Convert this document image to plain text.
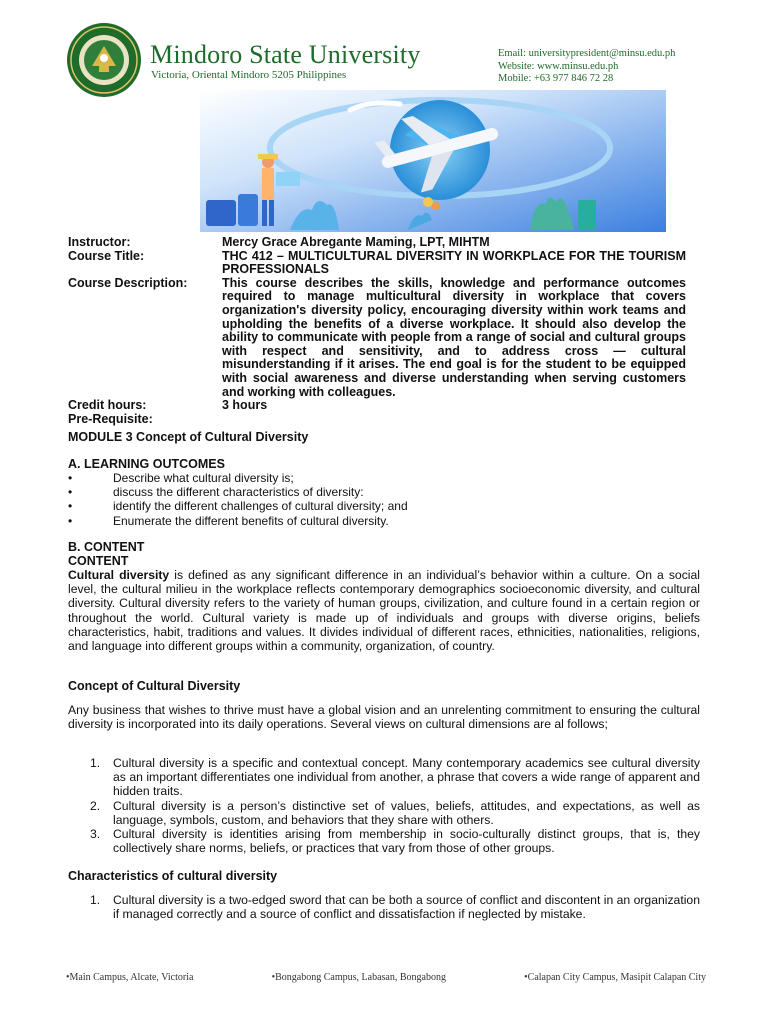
Mindoro State University
Victoria, Oriental Mindoro 5205 Philippines
Email: universitypresident@minsu.edu.ph
Website: www.minsu.edu.ph
Mobile: +63 977 846 72 28
Instructor:	Mercy Grace Abregante Maming, LPT, MIHTM
Course Title:	THC 412 – MULTICULTURAL DIVERSITY IN WORKPLACE FOR THE TOURISM PROFESSIONALS
Course Description:	This course describes the skills, knowledge and performance outcomes required to manage multicultural diversity in workplace that covers organization's diversity policy, encouraging diversity within work teams and upholding the benefits of a diverse workplace. It should also develop the ability to communicate with people from a range of social and cultural groups with respect and sensitivity, and to address cross — cultural misunderstanding if it arises. The end goal is for the student to be equipped with social awareness and diverse understanding when serving customers and working with colleagues.
Credit hours:	3 hours
Pre-Requisite:
MODULE 3 Concept of Cultural Diversity
A. LEARNING OUTCOMES
•	Describe what cultural diversity is;
•	discuss the different characteristics of diversity:
•	identify the different challenges of cultural diversity; and
•	Enumerate the different benefits of cultural diversity.
B. CONTENT
CONTENT
Cultural diversity is defined as any significant difference in an individual’s behavior within a culture. On a social level, the cultural milieu in the workplace reflects contemporary demographics socioeconomic diversity, and cultural diversity. Cultural diversity refers to the variety of human groups, civilization, and culture found in a certain region or throughout the world. Cultural variety is made up of individuals and groups with diverse origins, beliefs characteristics, habit, traditions and values. It divides individual of different races, ethnicities, nationalities, religions, and language into different groups within a community, organization, of country.
Concept of Cultural Diversity
Any business that wishes to thrive must have a global vision and an unrelenting commitment to ensuring the cultural diversity is incorporated into its daily operations. Several views on cultural dimensions are al follows;
1.	Cultural diversity is a specific and contextual concept. Many contemporary academics see cultural diversity as an important differentiates one individual from another, a phrase that covers a wide range of apparent and hidden traits.
2.	Cultural diversity is a person’s distinctive set of values, beliefs, attitudes, and expectations, as well as language, symbols, custom, and behaviors that they share with others.
3.	Cultural diversity is identities arising from membership in socio-culturally distinct groups, that is, they collectively share norms, beliefs, or practices that vary from those of other groups.
Characteristics of cultural diversity
1.	Cultural diversity is a two-edged sword that can be both a source of conflict and discontent in an organization if managed correctly and a source of conflict and dissatisfaction if neglected by mistake.
•Main Campus, Alcate, Victoria	•Bongabong Campus, Labasan, Bongabong	•Calapan City Campus, Masipit Calapan City
